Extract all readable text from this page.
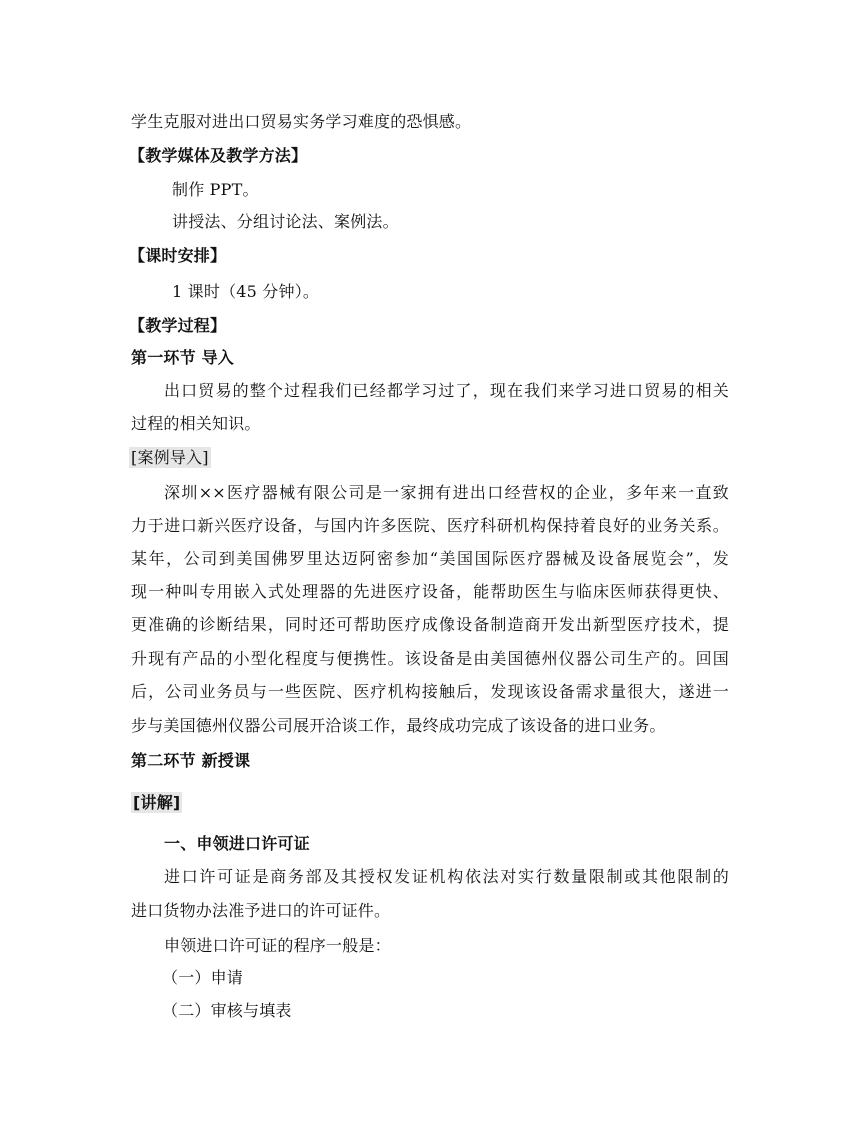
学生克服对进出口贸易实务学习难度的恐惧感。
【教学媒体及教学方法】
制作 PPT。
讲授法、分组讨论法、案例法。
【课时安排】
1 课时（45 分钟）。
【教学过程】
第一环节 导入
出口贸易的整个过程我们已经都学习过了，现在我们来学习进口贸易的相关
过程的相关知识。
[案例导入]
深圳××医疗器械有限公司是一家拥有进出口经营权的企业，多年来一直致
力于进口新兴医疗设备，与国内许多医院、医疗科研机构保持着良好的业务关系。
某年，公司到美国佛罗里达迈阿密参加“美国国际医疗器械及设备展览会”，发
现一种叫专用嵌入式处理器的先进医疗设备，能帮助医生与临床医师获得更快、
更准确的诊断结果，同时还可帮助医疗成像设备制造商开发出新型医疗技术，提
升现有产品的小型化程度与便携性。该设备是由美国德州仪器公司生产的。回国
后，公司业务员与一些医院、医疗机构接触后，发现该设备需求量很大，遂进一
步与美国德州仪器公司展开洽谈工作，最终成功完成了该设备的进口业务。
第二环节 新授课
[讲解]
一、申领进口许可证
进口许可证是商务部及其授权发证机构依法对实行数量限制或其他限制的
进口货物办法准予进口的许可证件。
申领进口许可证的程序一般是：
（一）申请
（二）审核与填表
